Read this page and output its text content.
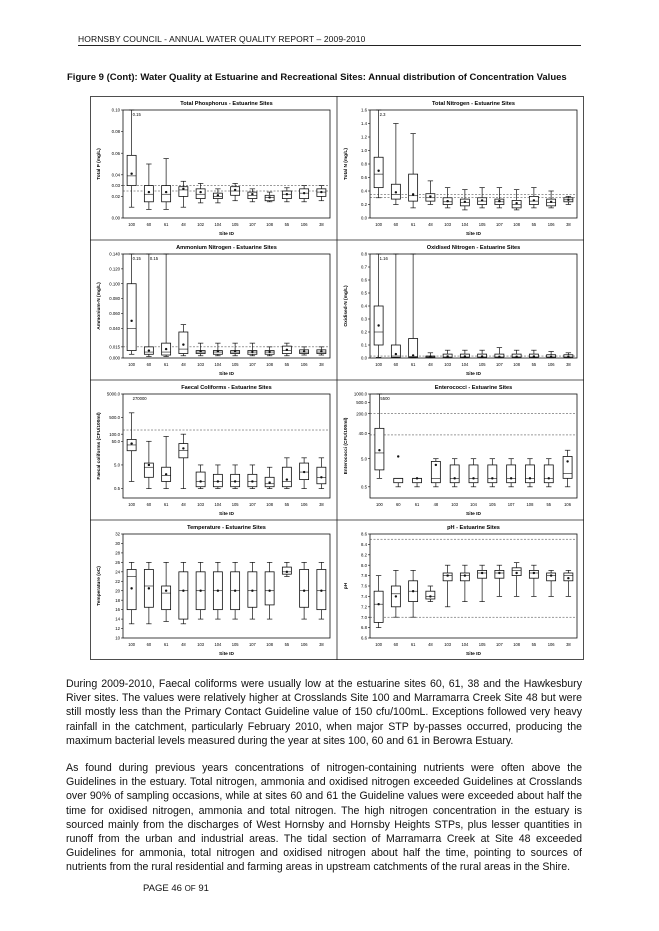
HORNSBY COUNCIL - ANNUAL WATER QUALITY REPORT – 2009-2010
Figure 9 (Cont): Water Quality at Estuarine and Recreational Sites: Annual distribution of Concentration Values
Total Phosphorus - Estuarine Sites
0.10
0.08
0.06
0.04
0.03
0.02
0.00
Total P (mg/L)
Site ID
100	60	61	48	102	104	105	107	108	55	106	38
0.15
Total Nitrogen - Estuarine Sites
1.6
1.4
1.2
1.0
0.8
0.6
0.4
0.2
0.0
Total N (mg/L)
Site ID
100	60	61	48	103	104	105	107	108	55	106	38
2.3
Ammonium Nitrogen - Estuarine Sites
0.140
0.120
0.100
0.080
0.060
0.040
0.015
0.000
Ammonium-N (mg/L)
Site ID
100	60	61	48	103	104	105	107	108	55	106	38
0.15 0.15
Oxidised Nitrogen - Estuarine Sites
0.8
0.7
0.6
0.5
0.4
0.3
0.2
0.1
0.0
Oxidised-N (mg/L)
Site ID
100	60	61	48	103	104	105	107	108	55	106	38
1.16
Faecal Coliforms - Estuarine Sites
5000.0
500.0
100.0
50.0
5.0
0.5
Faecal coliforms (CFU/100ml)
Site ID
100	60	61	48	103	104	105	107	108	55	106	38
270000
Enterococci - Estuarine Sites
1000.0
500.0
200.0
40.0
5.0
0.5
Enterococci (CFU/100ml)
Site ID
100	60	61	48	103	104	105	107	108	55	106
5500
Temperature - Estuarine Sites
32
30
28
26
24
22
20
18
16
14
12
10
Temperature (oC)
Site ID
100	60	61	48	103	104	105	107	108	55	106	38
pH - Estuarine Sites
8.6
8.4
8.2
8.0
7.8
7.6
7.4
7.2
7.0
6.8
6.6
pH
Site ID
100	60	61	48	103	104	105	107	108	55	106	38

During 2009-2010, Faecal coliforms were usually low at the estuarine sites 60, 61, 38 and the Hawkesbury River sites. The values were relatively higher at Crosslands Site 100 and Marramarra Creek Site 48 but were still mostly less than the Primary Contact Guideline value of 150 cfu/100mL. Exceptions followed very heavy rainfall in the catchment, particularly February 2010, when major STP by-passes occurred, producing the maximum bacterial levels measured during the year at sites 100, 60 and 61 in Berowra Estuary.

As found during previous years concentrations of nitrogen-containing nutrients were often above the Guidelines in the estuary. Total nitrogen, ammonia and oxidised nitrogen exceeded Guidelines at Crosslands over 90% of sampling occasions, while at sites 60 and 61 the Guideline values were exceeded about half the time for oxidised nitrogen, ammonia and total nitrogen. The high nitrogen concentration in the estuary is sourced mainly from the discharges of West Hornsby and Hornsby Heights STPs, plus lesser quantities in runoff from the urban and industrial areas. The tidal section of Marramarra Creek at Site 48 exceeded Guidelines for ammonia, total nitrogen and oxidised nitrogen about half the time, pointing to sources of nutrients from the rural residential and farming areas in upstream catchments of the rural areas in the Shire.

PAGE 46 OF 91
